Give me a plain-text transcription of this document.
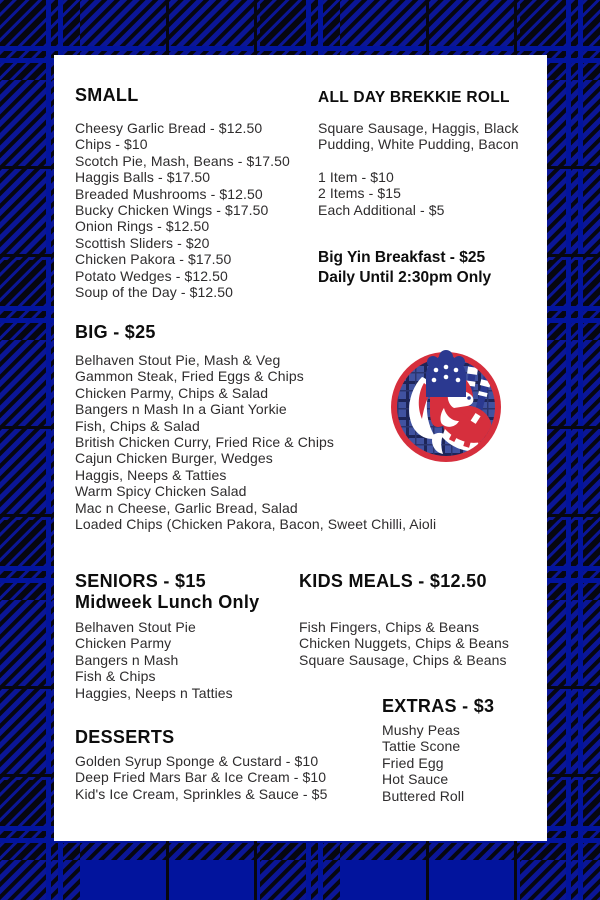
SMALL
Cheesy Garlic Bread - $12.50
Chips - $10
Scotch Pie, Mash, Beans - $17.50
Haggis Balls - $17.50
Breaded Mushrooms - $12.50
Bucky Chicken Wings - $17.50
Onion Rings - $12.50
Scottish Sliders - $20
Chicken Pakora - $17.50
Potato Wedges - $12.50
Soup of the Day - $12.50
ALL DAY BREKKIE ROLL
Square Sausage, Haggis, Black Pudding, White Pudding, Bacon
1 Item - $10
2 Items - $15
Each Additional - $5
Big Yin Breakfast - $25
Daily Until 2:30pm Only
BIG - $25
Belhaven Stout Pie, Mash & Veg
Gammon Steak, Fried Eggs & Chips
Chicken Parmy, Chips & Salad
Bangers n Mash In a Giant Yorkie
Fish, Chips & Salad
British Chicken Curry, Fried Rice & Chips
Cajun Chicken Burger, Wedges
Haggis, Neeps & Tatties
Warm Spicy Chicken Salad
Mac n Cheese, Garlic Bread, Salad
Loaded Chips (Chicken Pakora, Bacon, Sweet Chilli, Aioli
SENIORS - $15
Midweek Lunch Only
Belhaven Stout Pie
Chicken Parmy
Bangers n Mash
Fish & Chips
Haggies, Neeps n Tatties
KIDS MEALS - $12.50
Fish Fingers, Chips & Beans
Chicken Nuggets, Chips & Beans
Square Sausage, Chips & Beans
DESSERTS
Golden Syrup Sponge & Custard - $10
Deep Fried Mars Bar & Ice Cream - $10
Kid's Ice Cream, Sprinkles & Sauce - $5
EXTRAS - $3
Mushy Peas
Tattie Scone
Fried Egg
Hot Sauce
Buttered Roll
